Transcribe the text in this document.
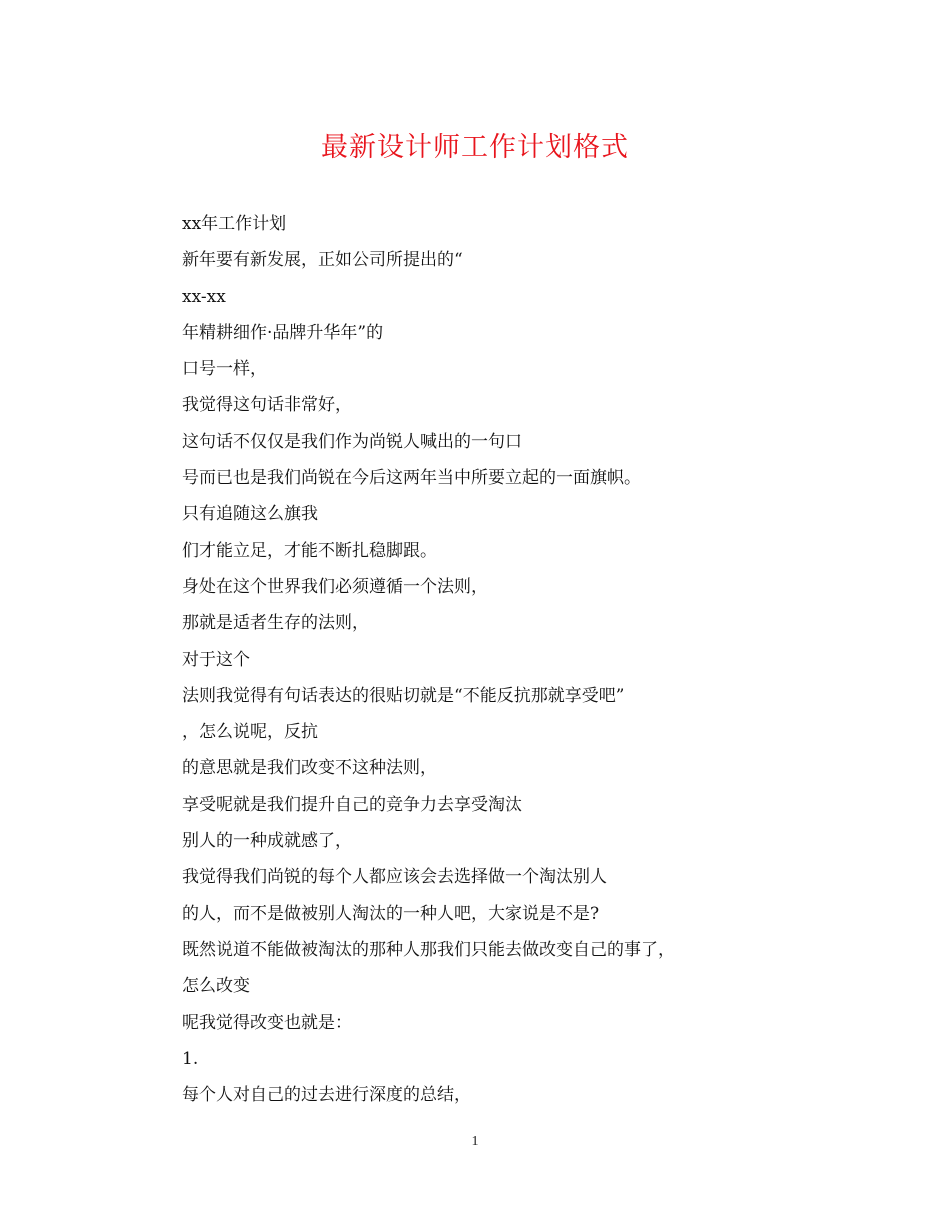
最新设计师工作计划格式
xx年工作计划
新年要有新发展，正如公司所提出的“
xx-xx
年精耕细作·品牌升华年”的
口号一样，
我觉得这句话非常好，
这句话不仅仅是我们作为尚锐人喊出的一句口
号而已也是我们尚锐在今后这两年当中所要立起的一面旗帜。
只有追随这么旗我
们才能立足，才能不断扎稳脚跟。
身处在这个世界我们必须遵循一个法则，
那就是适者生存的法则，
对于这个
法则我觉得有句话表达的很贴切就是“不能反抗那就享受吧”
，怎么说呢，反抗
的意思就是我们改变不这种法则，
享受呢就是我们提升自己的竞争力去享受淘汰
别人的一种成就感了，
我觉得我们尚锐的每个人都应该会去选择做一个淘汰别人
的人，而不是做被别人淘汰的一种人吧，大家说是不是?
既然说道不能做被淘汰的那种人那我们只能去做改变自己的事了，
怎么改变
呢我觉得改变也就是：
1.
每个人对自己的过去进行深度的总结，
1
